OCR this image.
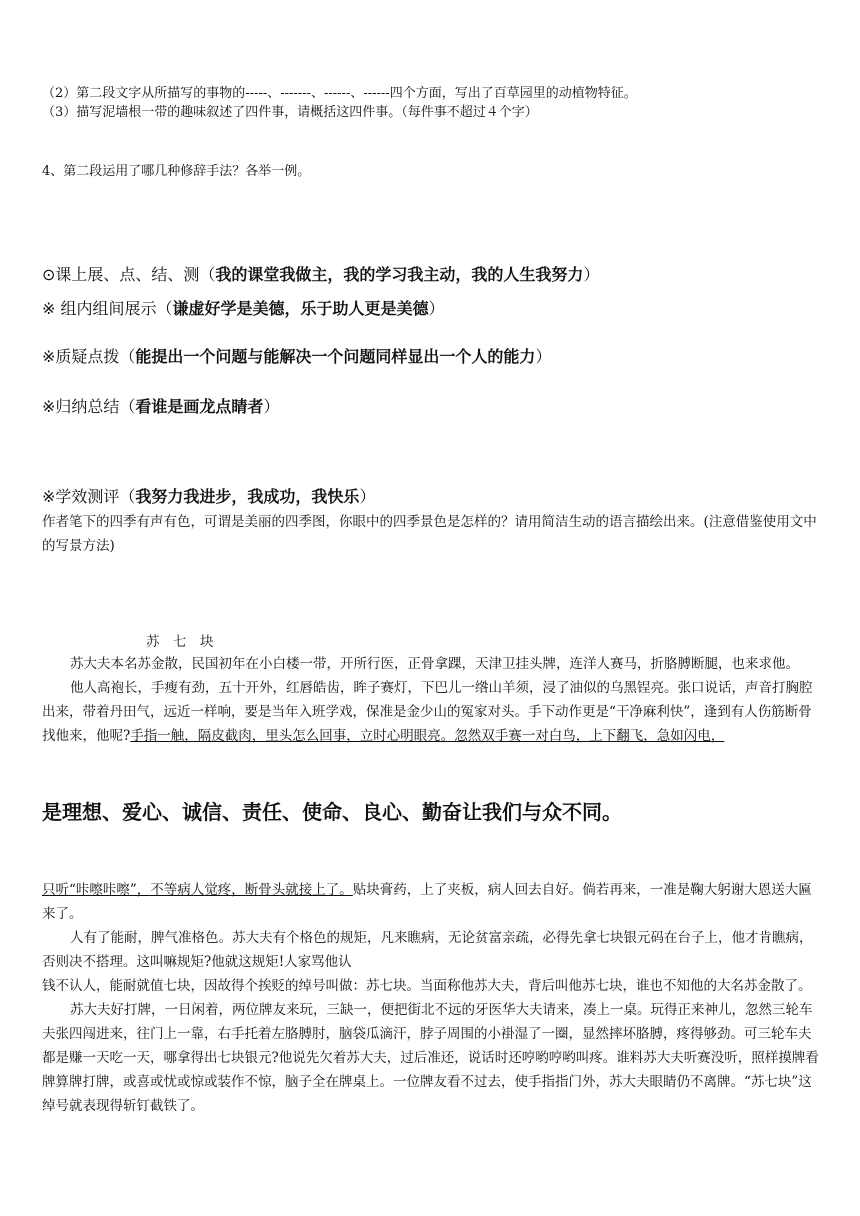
（2）第二段文字从所描写的事物的-----、-------、------、------四个方面，写出了百草园里的动植物特征。
（3）描写泥墙根一带的趣味叙述了四件事，请概括这四件事。（每件事不超过４个字）
4、第二段运用了哪几种修辞手法？各举一例。
⊙课上展、点、结、测（我的课堂我做主，我的学习我主动，我的人生我努力）
※ 组内组间展示（谦虚好学是美德，乐于助人更是美德）
※质疑点拨（能提出一个问题与能解决一个问题同样显出一个人的能力）
※归纳总结（看谁是画龙点睛者）
※学效测评（我努力我进步，我成功，我快乐）
作者笔下的四季有声有色，可谓是美丽的四季图，你眼中的四季景色是怎样的？请用简洁生动的语言描绘出来。(注意借鉴使用文中的写景方法)
苏　七　块

苏大夫本名苏金散，民国初年在小白楼一带，开所行医，正骨拿踝，天津卫挂头牌，连洋人赛马，折胳膊断腿，也来求他。

他人高袍长，手瘦有劲，五十开外，红唇皓齿，眸子赛灯，下巴儿一绺山羊须，浸了油似的乌黑锃亮。张口说话，声音打胸腔出来，带着丹田气，远近一样响，要是当年入班学戏，保准是金少山的冤家对头。手下动作更是“干净麻利快”，逢到有人伤筋断骨找他来，他呢?手指一触，隔皮截肉，里头怎么回事，立时心明眼亮。忽然双手赛一对白鸟，上下翻飞，急如闪电，

是理想、爱心、诚信、责任、使命、良心、勤奋让我们与众不同。

只听“咔嚓咔嚓”，不等病人觉疼，断骨头就接上了。贴块膏药，上了夹板，病人回去自好。倘若再来，一准是鞠大躬谢大恩送大匾来了。

人有了能耐，脾气准格色。苏大夫有个格色的规矩，凡来瞧病，无论贫富亲疏，必得先拿七块银元码在台子上，他才肯瞧病，否则决不搭理。这叫嘛规矩?他就这规矩!人家骂他认

钱不认人，能耐就值七块，因故得个挨贬的绰号叫做：苏七块。当面称他苏大夫，背后叫他苏七块，谁也不知他的大名苏金散了。

苏大夫好打牌，一日闲着，两位牌友来玩，三缺一，便把街北不远的牙医华大夫请来，凑上一桌。玩得正来神儿，忽然三轮车夫张四闯进来，往门上一靠，右手托着左胳膊肘，脑袋瓜滴汗，脖子周围的小褂湿了一圈，显然摔坏胳膊，疼得够劲。可三轮车夫都是赚一天吃一天，哪拿得出七块银元?他说先欠着苏大夫，过后准还，说话时还哼哟哼哟叫疼。谁料苏大夫听赛没听，照样摸牌看牌算牌打牌，或喜或忧或惊或装作不惊，脑子全在牌桌上。一位牌友看不过去，使手指指门外，苏大夫眼睛仍不离牌。“苏七块”这绰号就表现得斩钉截铁了。
